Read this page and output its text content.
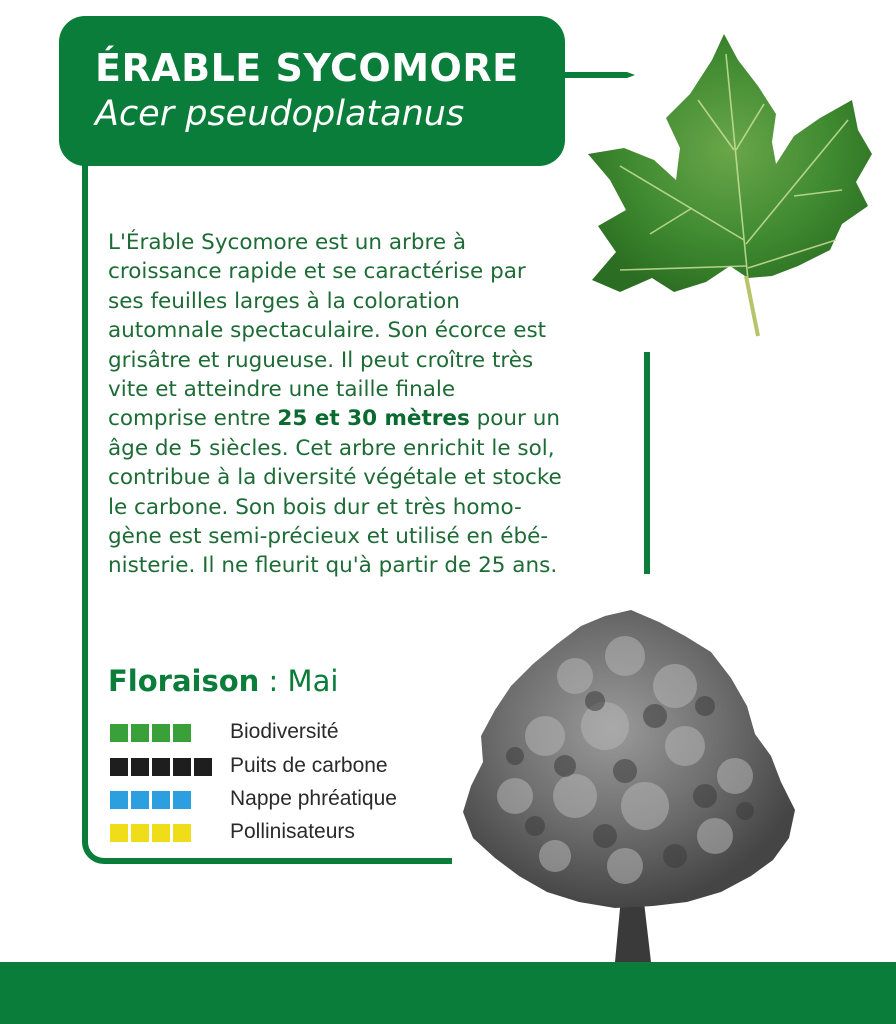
ÉRABLE SYCOMORE
Acer pseudoplatanus
L'Érable Sycomore est un arbre à
croissance rapide et se caractérise par
ses feuilles larges à la coloration
automnale spectaculaire. Son écorce est
grisâtre et rugueuse. Il peut croître très
vite et atteindre une taille finale
comprise entre 25 et 30 mètres pour un
âge de 5 siècles. Cet arbre enrichit le sol,
contribue à la diversité végétale et stocke
le carbone. Son bois dur et très homo-
gène est semi-précieux et utilisé en ébé-
nisterie. Il ne fleurit qu'à partir de 25 ans.
Floraison : Mai
Biodiversité
Puits de carbone
Nappe phréatique
Pollinisateurs
